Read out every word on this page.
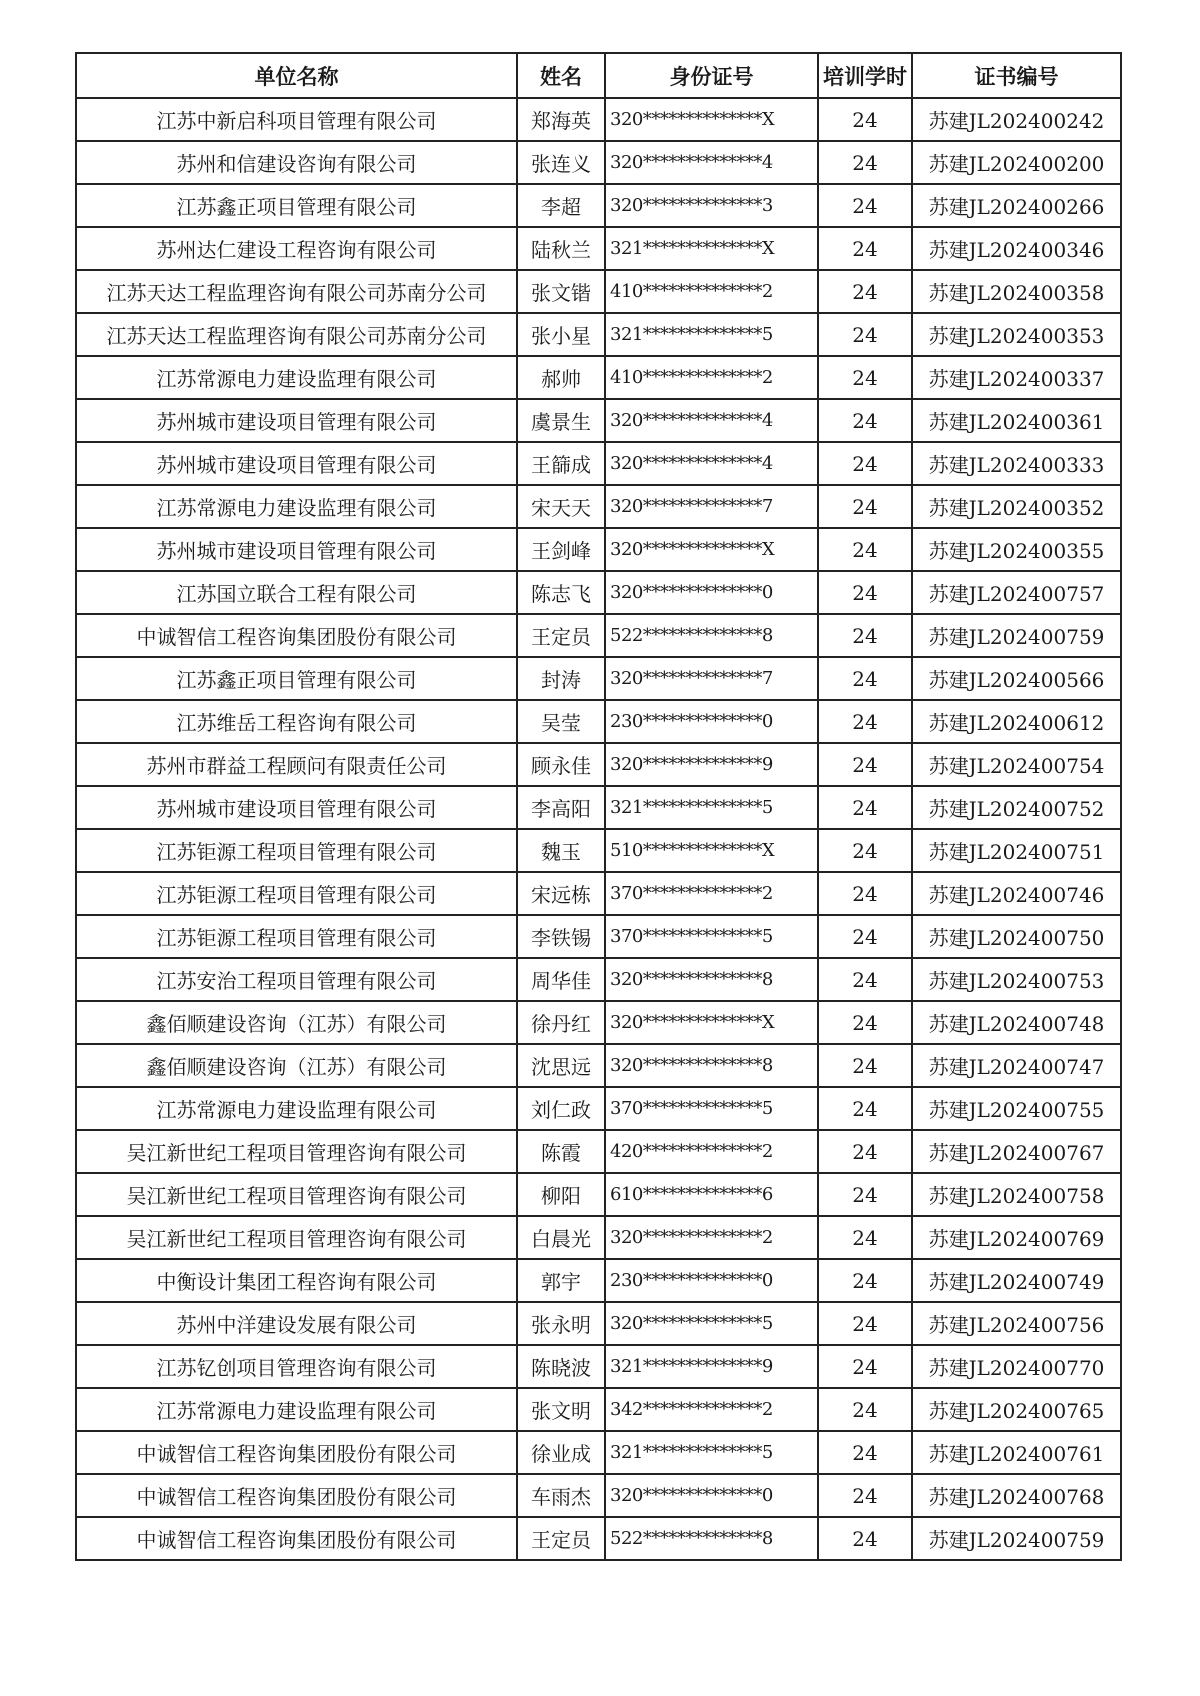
单位名称	姓名	身份证号	培训学时	证书编号
江苏中新启科项目管理有限公司	郑海英	320**************X	24	苏建JL202400242
苏州和信建设咨询有限公司	张连义	320**************4	24	苏建JL202400200
江苏鑫正项目管理有限公司	李超	320**************3	24	苏建JL202400266
苏州达仁建设工程咨询有限公司	陆秋兰	321**************X	24	苏建JL202400346
江苏天达工程监理咨询有限公司苏南分公司	张文锴	410**************2	24	苏建JL202400358
江苏天达工程监理咨询有限公司苏南分公司	张小星	321**************5	24	苏建JL202400353
江苏常源电力建设监理有限公司	郝帅	410**************2	24	苏建JL202400337
苏州城市建设项目管理有限公司	虞景生	320**************4	24	苏建JL202400361
苏州城市建设项目管理有限公司	王篩成	320**************4	24	苏建JL202400333
江苏常源电力建设监理有限公司	宋天天	320**************7	24	苏建JL202400352
苏州城市建设项目管理有限公司	王剑峰	320**************X	24	苏建JL202400355
江苏国立联合工程有限公司	陈志飞	320**************0	24	苏建JL202400757
中诚智信工程咨询集团股份有限公司	王定员	522**************8	24	苏建JL202400759
江苏鑫正项目管理有限公司	封涛	320**************7	24	苏建JL202400566
江苏维岳工程咨询有限公司	吴莹	230**************0	24	苏建JL202400612
苏州市群益工程顾问有限责任公司	顾永佳	320**************9	24	苏建JL202400754
苏州城市建设项目管理有限公司	李高阳	321**************5	24	苏建JL202400752
江苏钜源工程项目管理有限公司	魏玉	510**************X	24	苏建JL202400751
江苏钜源工程项目管理有限公司	宋远栋	370**************2	24	苏建JL202400746
江苏钜源工程项目管理有限公司	李铁锡	370**************5	24	苏建JL202400750
江苏安治工程项目管理有限公司	周华佳	320**************8	24	苏建JL202400753
鑫佰顺建设咨询（江苏）有限公司	徐丹红	320**************X	24	苏建JL202400748
鑫佰顺建设咨询（江苏）有限公司	沈思远	320**************8	24	苏建JL202400747
江苏常源电力建设监理有限公司	刘仁政	370**************5	24	苏建JL202400755
吴江新世纪工程项目管理咨询有限公司	陈霞	420**************2	24	苏建JL202400767
吴江新世纪工程项目管理咨询有限公司	柳阳	610**************6	24	苏建JL202400758
吴江新世纪工程项目管理咨询有限公司	白晨光	320**************2	24	苏建JL202400769
中衡设计集团工程咨询有限公司	郭宇	230**************0	24	苏建JL202400749
苏州中洋建设发展有限公司	张永明	320**************5	24	苏建JL202400756
江苏钇创项目管理咨询有限公司	陈晓波	321**************9	24	苏建JL202400770
江苏常源电力建设监理有限公司	张文明	342**************2	24	苏建JL202400765
中诚智信工程咨询集团股份有限公司	徐业成	321**************5	24	苏建JL202400761
中诚智信工程咨询集团股份有限公司	车雨杰	320**************0	24	苏建JL202400768
中诚智信工程咨询集团股份有限公司	王定员	522**************8	24	苏建JL202400759
